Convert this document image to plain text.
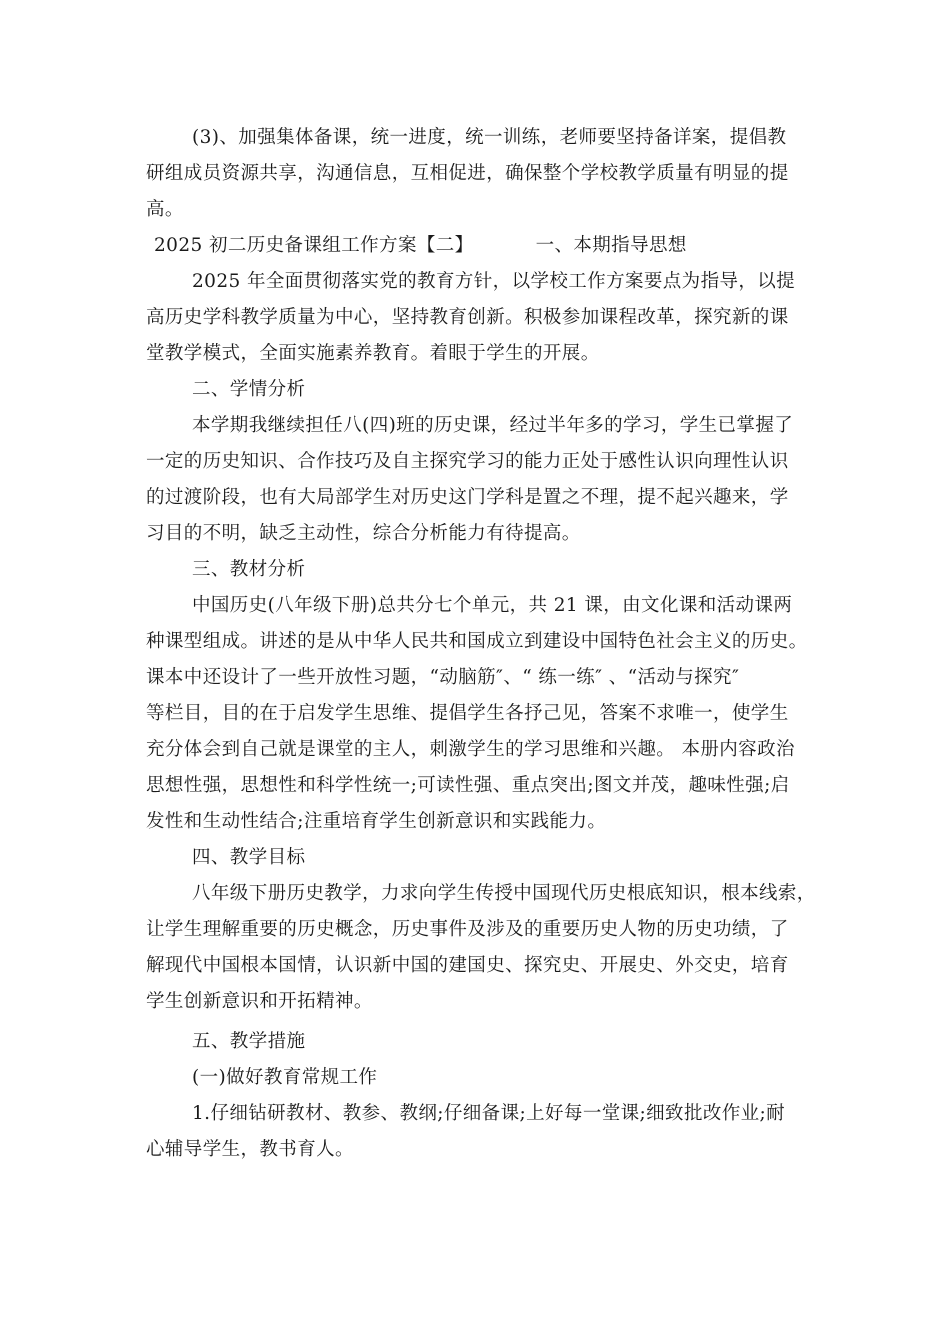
(3)、加强集体备课，统一进度，统一训练，老师要坚持备详案，提倡教
研组成员资源共享，沟通信息，互相促进，确保整个学校教学质量有明显的提
高。
2025 初二历史备课组工作方案【二】	一、本期指导思想
2025 年全面贯彻落实党的教育方针，以学校工作方案要点为指导，以提
高历史学科教学质量为中心，坚持教育创新。积极参加课程改革，探究新的课
堂教学模式，全面实施素养教育。着眼于学生的开展。
二、学情分析
本学期我继续担任八(四)班的历史课，经过半年多的学习，学生已掌握了
一定的历史知识、合作技巧及自主探究学习的能力正处于感性认识向理性认识
的过渡阶段，也有大局部学生对历史这门学科是置之不理，提不起兴趣来，学
习目的不明，缺乏主动性，综合分析能力有待提高。
三、教材分析
中国历史(八年级下册)总共分七个单元，共 21 课，由文化课和活动课两
种课型组成。讲述的是从中华人民共和国成立到建设中国特色社会主义的历史。
课本中还设计了一些开放性习题，“动脑筋″、“ 练一练″ 、“活动与探究″
等栏目，目的在于启发学生思维、提倡学生各抒己见，答案不求唯一，使学生
充分体会到自己就是课堂的主人，刺激学生的学习思维和兴趣。 本册内容政治
思想性强，思想性和科学性统一;可读性强、重点突出;图文并茂，趣味性强;启
发性和生动性结合;注重培育学生创新意识和实践能力。
四、教学目标
八年级下册历史教学，力求向学生传授中国现代历史根底知识，根本线索，
让学生理解重要的历史概念，历史事件及涉及的重要历史人物的历史功绩，了
解现代中国根本国情，认识新中国的建国史、探究史、开展史、外交史，培育
学生创新意识和开拓精神。
五、教学措施
(一)做好教育常规工作
1.仔细钻研教材、教参、教纲;仔细备课;上好每一堂课;细致批改作业;耐
心辅导学生，教书育人。
